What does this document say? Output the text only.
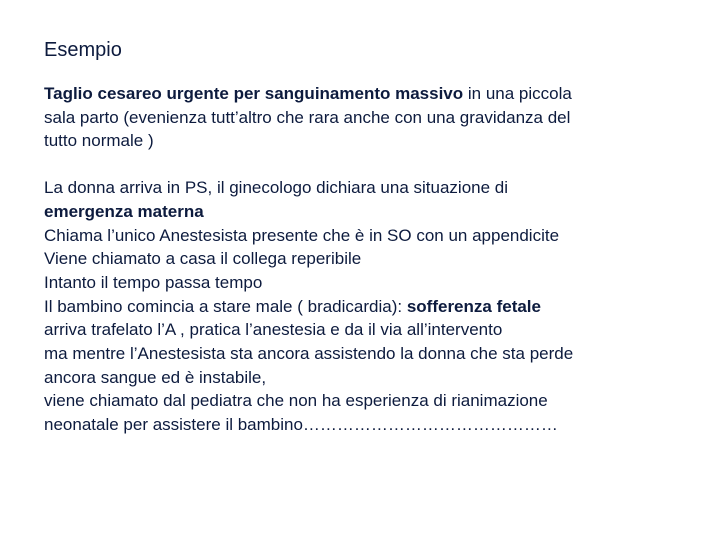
Esempio

Taglio cesareo urgente per sanguinamento massivo in una piccola
sala parto (evenienza tutt’altro che rara anche con una gravidanza del
tutto normale )

La donna arriva in PS, il ginecologo dichiara una situazione di
emergenza materna
Chiama l’unico Anestesista presente che è in SO con un appendicite
Viene chiamato a casa il collega reperibile
Intanto il tempo passa tempo
Il bambino comincia a stare male ( bradicardia): sofferenza fetale
arriva trafelato l’A , pratica l’anestesia e da il via all’intervento
ma mentre l’Anestesista sta ancora assistendo la donna che sta perde
ancora sangue ed è instabile,
viene chiamato dal pediatra che non ha esperienza di rianimazione
neonatale per assistere il bambino………………………………………
